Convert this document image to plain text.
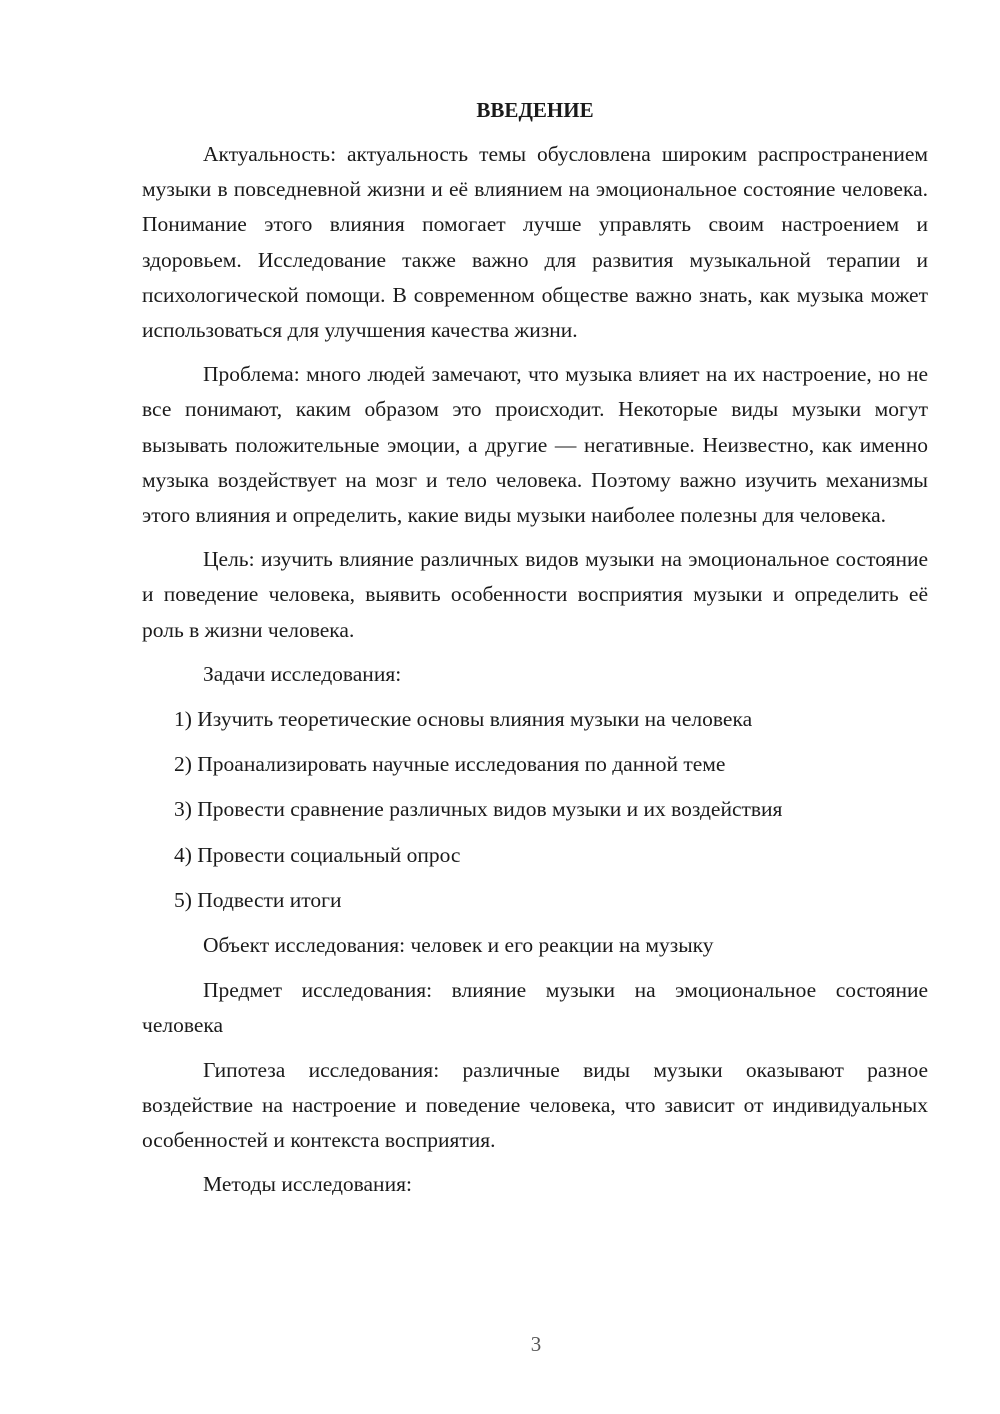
ВВЕДЕНИЕ

Актуальность: актуальность темы обусловлена широким распространением музыки в повседневной жизни и её влиянием на эмоциональное состояние человека. Понимание этого влияния помогает лучше управлять своим настроением и здоровьем. Исследование также важно для развития музыкальной терапии и психологической помощи. В современном обществе важно знать, как музыка может использоваться для улучшения качества жизни.

Проблема: много людей замечают, что музыка влияет на их настроение, но не все понимают, каким образом это происходит. Некоторые виды музыки могут вызывать положительные эмоции, а другие — негативные. Неизвестно, как именно музыка воздействует на мозг и тело человека. Поэтому важно изучить механизмы этого влияния и определить, какие виды музыки наиболее полезны для человека.

Цель: изучить влияние различных видов музыки на эмоциональное состояние и поведение человека, выявить особенности восприятия музыки и определить её роль в жизни человека.

Задачи исследования:

1) Изучить теоретические основы влияния музыки на человека
2) Проанализировать научные исследования по данной теме
3) Провести сравнение различных видов музыки и их воздействия
4) Провести социальный опрос
5) Подвести итоги

Объект исследования: человек и его реакции на музыку

Предмет исследования: влияние музыки на эмоциональное состояние человека

Гипотеза исследования: различные виды музыки оказывают разное воздействие на настроение и поведение человека, что зависит от индивидуальных особенностей и контекста восприятия.

Методы исследования:

3
